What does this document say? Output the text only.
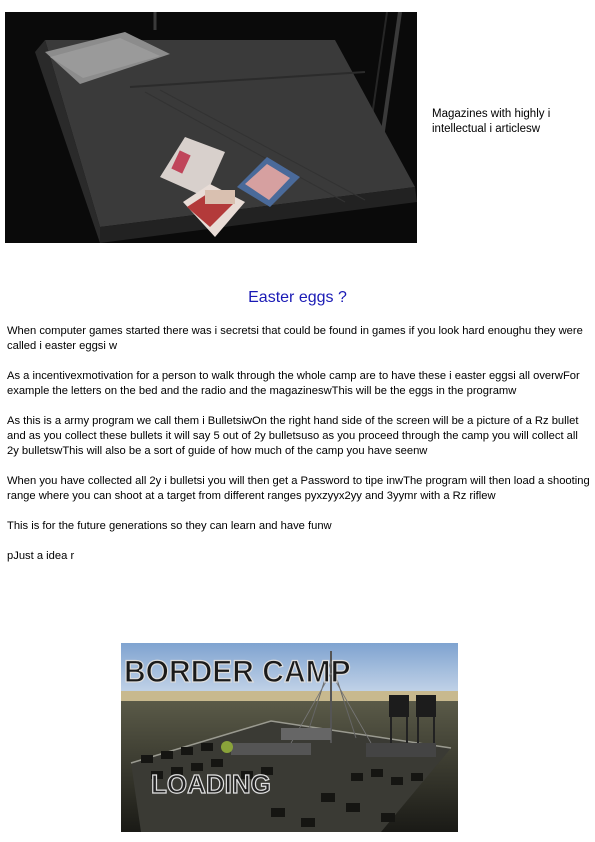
Magazines with highly i intellectual i articlesw
Easter eggs ?

When computer games started there was i secretsi that could be found in games if you look hard enoughu they were called i easter eggsi w

As a incentivexmotivation for a person to walk through the whole camp are to have these i easter eggsi all overwFor example the letters on the bed and the radio and the magazineswThis will be the eggs in the programw

As this is a army program we call them i BulletsiwOn the right hand side of the screen will be a picture of a Rz bullet and as you collect these bullets it will say 5 out of 2y bulletsuso as you proceed through the camp you will collect all 2y bulletswThis will also be a sort of guide of how much of the camp you have seenw

When you have collected all 2y i bulletsi you will then get a Password to tipe inwThe program will then load a shooting range where you can shoot at a target from different ranges pyxzyyx2yy and 3yymr with a Rz riflew

This is for the future generations so they can learn and have funw

pJust a idea r

BORDER CAMP
LOADING
